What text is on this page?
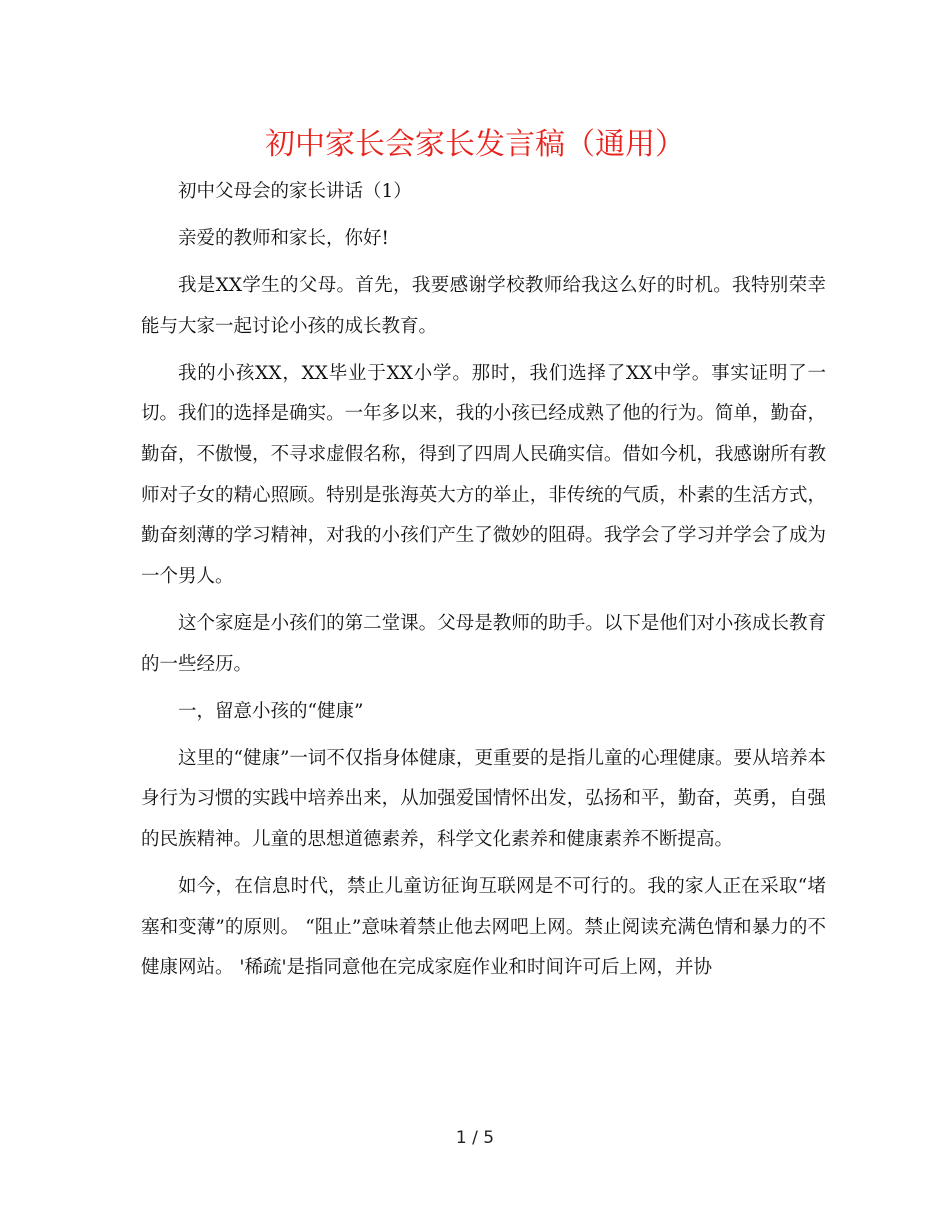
初中家长会家长发言稿（通用）

初中父母会的家长讲话（1）

亲爱的教师和家长，你好!

我是XX学生的父母。首先，我要感谢学校教师给我这么好的时机。我特别荣幸能与大家一起讨论小孩的成长教育。

我的小孩XX，XX毕业于XX小学。那时，我们选择了XX中学。事实证明了一切。我们的选择是确实。一年多以来，我的小孩已经成熟了他的行为。简单，勤奋，勤奋，不傲慢，不寻求虚假名称，得到了四周人民确实信。借如今机，我感谢所有教师对子女的精心照顾。特别是张海英大方的举止，非传统的气质，朴素的生活方式，勤奋刻薄的学习精神，对我的小孩们产生了微妙的阻碍。我学会了学习并学会了成为一个男人。

这个家庭是小孩们的第二堂课。父母是教师的助手。以下是他们对小孩成长教育的一些经历。

一，留意小孩的“健康”

这里的“健康”一词不仅指身体健康，更重要的是指儿童的心理健康。要从培养本身行为习惯的实践中培养出来，从加强爱国情怀出发，弘扬和平，勤奋，英勇，自强的民族精神。儿童的思想道德素养，科学文化素养和健康素养不断提高。

如今，在信息时代，禁止儿童访征询互联网是不可行的。我的家人正在采取“堵塞和变薄”的原则。 “阻止”意味着禁止他去网吧上网。禁止阅读充满色情和暴力的不健康网站。 '稀疏'是指同意他在完成家庭作业和时间许可后上网，并协

1 / 5
